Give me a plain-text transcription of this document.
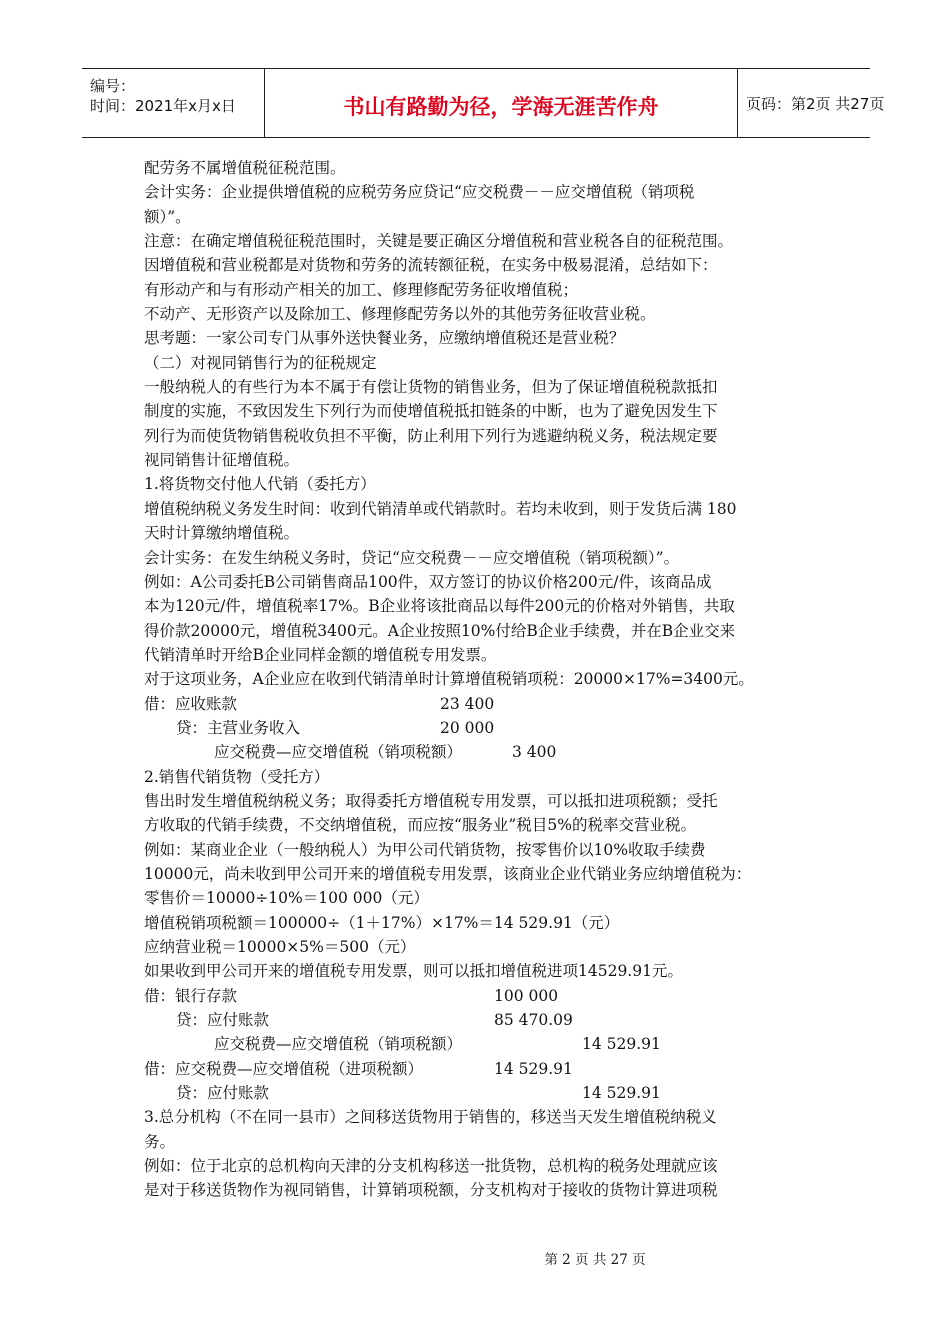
编号：
时间：2021年x月x日	书山有路勤为径，学海无涯苦作舟	页码：第2页 共27页
配劳务不属增值税征税范围。
会计实务：企业提供增值税的应税劳务应贷记“应交税费－－应交增值税（销项税
额）”。
注意：在确定增值税征税范围时，关键是要正确区分增值税和营业税各自的征税范围。
因增值税和营业税都是对货物和劳务的流转额征税，在实务中极易混淆，总结如下：
有形动产和与有形动产相关的加工、修理修配劳务征收增值税；
不动产、无形资产以及除加工、修理修配劳务以外的其他劳务征收营业税。
思考题：一家公司专门从事外送快餐业务，应缴纳增值税还是营业税？
（二）对视同销售行为的征税规定
一般纳税人的有些行为本不属于有偿让货物的销售业务，但为了保证增值税税款抵扣
制度的实施，不致因发生下列行为而使增值税抵扣链条的中断，也为了避免因发生下
列行为而使货物销售税收负担不平衡，防止利用下列行为逃避纳税义务，税法规定要
视同销售计征增值税。
1.将货物交付他人代销（委托方）
增值税纳税义务发生时间：收到代销清单或代销款时。若均未收到，则于发货后满 180
天时计算缴纳增值税。
会计实务：在发生纳税义务时，贷记“应交税费－－应交增值税（销项税额）”。
例如：A公司委托B公司销售商品100件，双方签订的协议价格200元/件，该商品成
本为120元/件，增值税率17%。B企业将该批商品以每件200元的价格对外销售，共取
得价款20000元，增值税3400元。A企业按照10%付给B企业手续费，并在B企业交来
代销清单时开给B企业同样金额的增值税专用发票。
对于这项业务，A企业应在收到代销清单时计算增值税销项税：20000×17%=3400元。
借：应收账款	23 400
贷：主营业务收入	20 000
应交税费—应交增值税（销项税额）	3 400
2.销售代销货物（受托方）
售出时发生增值税纳税义务；取得委托方增值税专用发票，可以抵扣进项税额；受托
方收取的代销手续费，不交纳增值税，而应按“服务业”税目5%的税率交营业税。
例如：某商业企业（一般纳税人）为甲公司代销货物，按零售价以10%收取手续费
10000元，尚未收到甲公司开来的增值税专用发票，该商业企业代销业务应纳增值税为：
零售价＝10000÷10%＝100 000（元）
增值税销项税额＝100000÷（1＋17%）×17%＝14 529.91（元）
应纳营业税＝10000×5%＝500（元）
如果收到甲公司开来的增值税专用发票，则可以抵扣增值税进项14529.91元。
借：银行存款	100 000
贷：应付账款	85 470.09
应交税费—应交增值税（销项税额）	14 529.91
借：应交税费—应交增值税（进项税额）	14 529.91
贷：应付账款	14 529.91
3.总分机构（不在同一县市）之间移送货物用于销售的，移送当天发生增值税纳税义
务。
例如：位于北京的总机构向天津的分支机构移送一批货物，总机构的税务处理就应该
是对于移送货物作为视同销售，计算销项税额，分支机构对于接收的货物计算进项税
第 2 页 共 27 页
